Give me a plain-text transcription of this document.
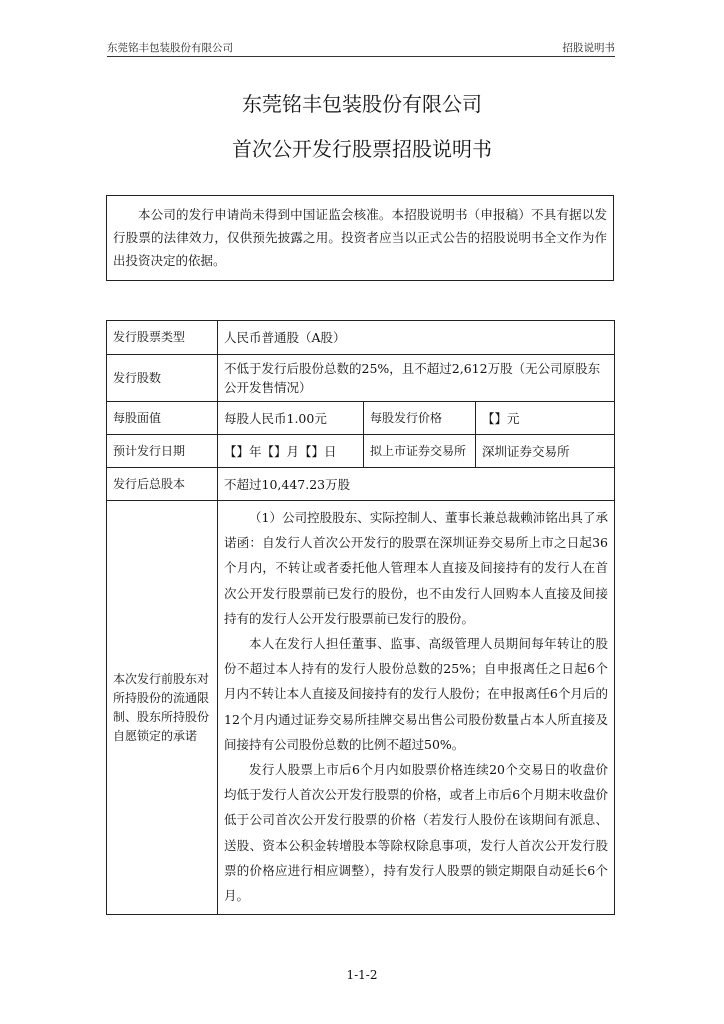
东莞铭丰包装股份有限公司	招股说明书
东莞铭丰包装股份有限公司
首次公开发行股票招股说明书
本公司的发行申请尚未得到中国证监会核准。本招股说明书（申报稿）不具有据以发行股票的法律效力，仅供预先披露之用。投资者应当以正式公告的招股说明书全文作为作出投资决定的依据。
发行股票类型	人民币普通股（A股）		
发行股数	不低于发行后股份总数的25%，且不超过2,612万股（无公司原股东公开发售情况）		
每股面值	每股人民币1.00元	每股发行价格	【】元
预计发行日期	【】年【】月【】日	拟上市证券交易所	深圳证券交易所
发行后总股本	不超过10,447.23万股		
本次发行前股东对所持股份的流通限制、股东所持股份自愿锁定的承诺	（1）公司控股股东、实际控制人、董事长兼总裁赖沛铭出具了承诺函：自发行人首次公开发行的股票在深圳证券交易所上市之日起36个月内，不转让或者委托他人管理本人直接及间接持有的发行人在首次公开发行股票前已发行的股份，也不由发行人回购本人直接及间接持有的发行人公开发行股票前已发行的股份。

本人在发行人担任董事、监事、高级管理人员期间每年转让的股份不超过本人持有的发行人股份总数的25%；自申报离任之日起6个月内不转让本人直接及间接持有的发行人股份；在申报离任6个月后的12个月内通过证券交易所挂牌交易出售公司股份数量占本人所直接及间接持有公司股份总数的比例不超过50%。

发行人股票上市后6个月内如股票价格连续20个交易日的收盘价均低于发行人首次公开发行股票的价格，或者上市后6个月期末收盘价低于公司首次公开发行股票的价格（若发行人股份在该期间有派息、送股、资本公积金转增股本等除权除息事项，发行人首次公开发行股票的价格应进行相应调整），持有发行人股票的锁定期限自动延长6个月。		

1-1-2
